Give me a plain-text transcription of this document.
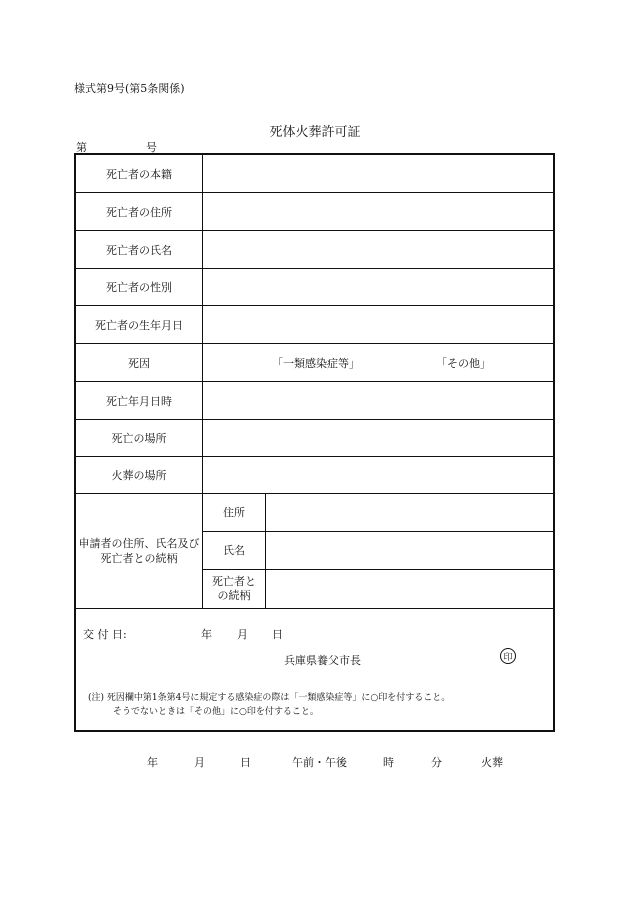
様式第9号(第5条関係)
死体火葬許可証
第	号
死亡者の本籍
死亡者の住所
死亡者の氏名
死亡者の性別
死亡者の生年月日
死因	「一類感染症等」	「その他」
死亡年月日時
死亡の場所
火葬の場所
申請者の住所、氏名及び
死亡者との続柄
住所
氏名
死亡者と
の続柄
交 付 日:	年 月 日
兵庫県養父市長	印
(注) 死因欄中第1条第4号に規定する感染症の際は「一類感染症等」に○印を付すること。
そうでないときは「その他」に○印を付すること。
年	月	日	午前・午後	時	分	火葬
